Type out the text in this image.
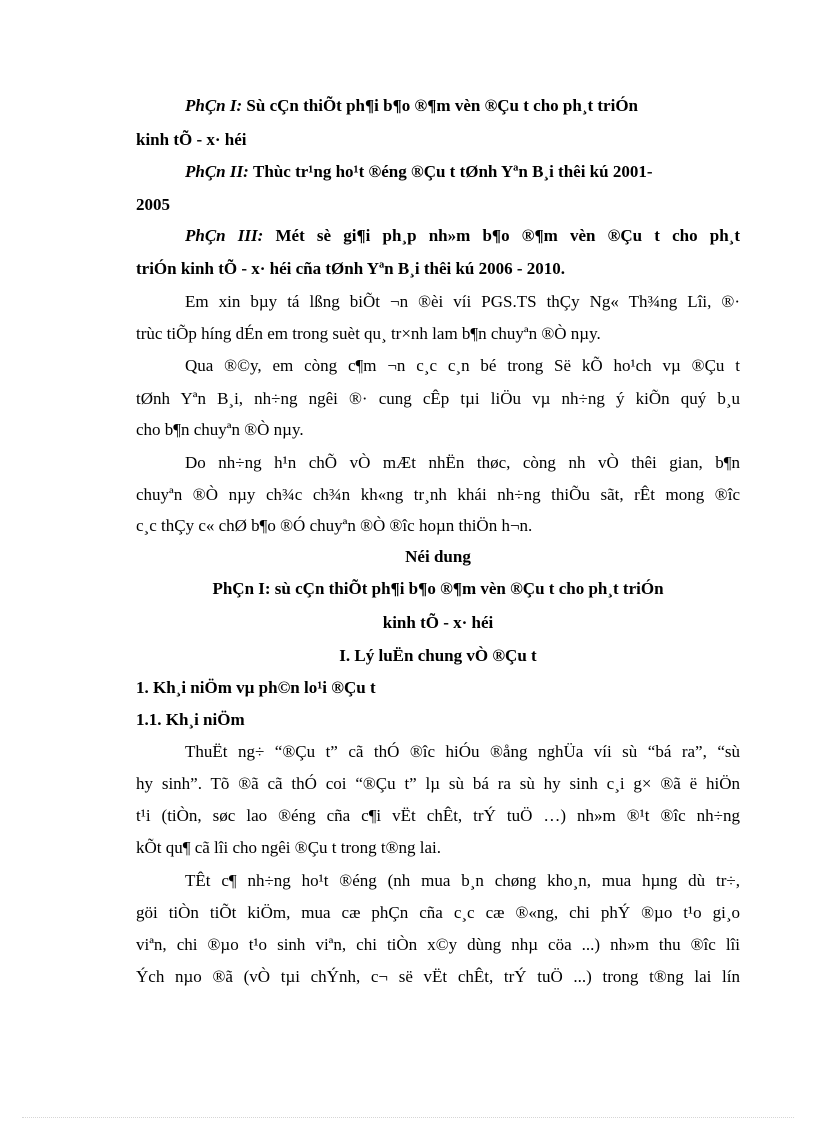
PhÇn I: Sù cÇn thiÕt ph¶i b¶o ®¶m vèn ®Çu t cho ph¸t triÓn
kinh tÕ - x· héi
PhÇn II: Thùc tr¹ng ho¹t ®éng ®Çu t tØnh Yªn B¸i thêi kú 2001-
2005
PhÇn III: Mét sè gi¶i ph¸p nh»m b¶o ®¶m vèn ®Çu t cho ph¸t
triÓn kinh tÕ - x· héi cña tØnh Yªn B¸i thêi kú 2006 - 2010.
Em xin bµy tá lßng biÕt ¬n ®èi víi PGS.TS thÇy Ng« Th¾ng Lîi, ®·
trùc tiÕp híng dÉn em trong suèt qu¸ tr×nh lam b¶n chuyªn ®Ò nµy.
Qua ®©y, em còng c¶m ¬n c¸c c¸n bé trong Së kÕ ho¹ch vµ ®Çu t
tØnh Yªn B¸i, nh÷ng ngêi ®· cung cÊp tµi liÖu vµ nh÷ng ý kiÕn quý b¸u
cho b¶n chuyªn ®Ò nµy.
Do nh÷ng h¹n chÕ vÒ mÆt nhËn thøc, còng nh vÒ thêi gian, b¶n
chuyªn ®Ò nµy ch¾c ch¾n kh«ng tr¸nh khái nh÷ng thiÕu sãt, rÊt mong ®îc
c¸c thÇy c« chØ b¶o ®Ó chuyªn ®Ò ®îc hoµn thiÖn h¬n.
Néi dung
PhÇn I: sù cÇn thiÕt ph¶i b¶o ®¶m vèn ®Çu t cho ph¸t triÓn
kinh tÕ - x· héi
I. Lý luËn chung vÒ ®Çu t
1. Kh¸i niÖm vµ ph©n lo¹i ®Çu t
1.1. Kh¸i niÖm
ThuËt ng÷ “®Çu t” cã thÓ ®îc hiÓu ®ång nghÜa víi sù “bá ra”, “sù
hy sinh”. Tõ ®ã cã thÓ coi “®Çu t” lµ sù bá ra sù hy sinh c¸i g× ®ã ë hiÖn
t¹i (tiÒn, søc lao ®éng cña c¶i vËt chÊt, trÝ tuÖ …) nh»m ®¹t ®îc nh÷ng
kÕt qu¶ cã lîi cho ngêi ®Çu t trong t®ng lai.
TÊt c¶ nh÷ng ho¹t ®éng (nh mua b¸n chøng kho¸n, mua hµng dù tr÷,
göi tiÒn tiÕt kiÖm, mua cæ phÇn cña c¸c cæ ®«ng, chi phÝ ®µo t¹o gi¸o
viªn, chi ®µo t¹o sinh viªn, chi tiÒn x©y dùng nhµ cöa ...) nh»m thu ®îc lîi
Ých nµo ®ã (vÒ tµi chÝnh, c¬ së vËt chÊt, trÝ tuÖ ...) trong t®ng lai lín
